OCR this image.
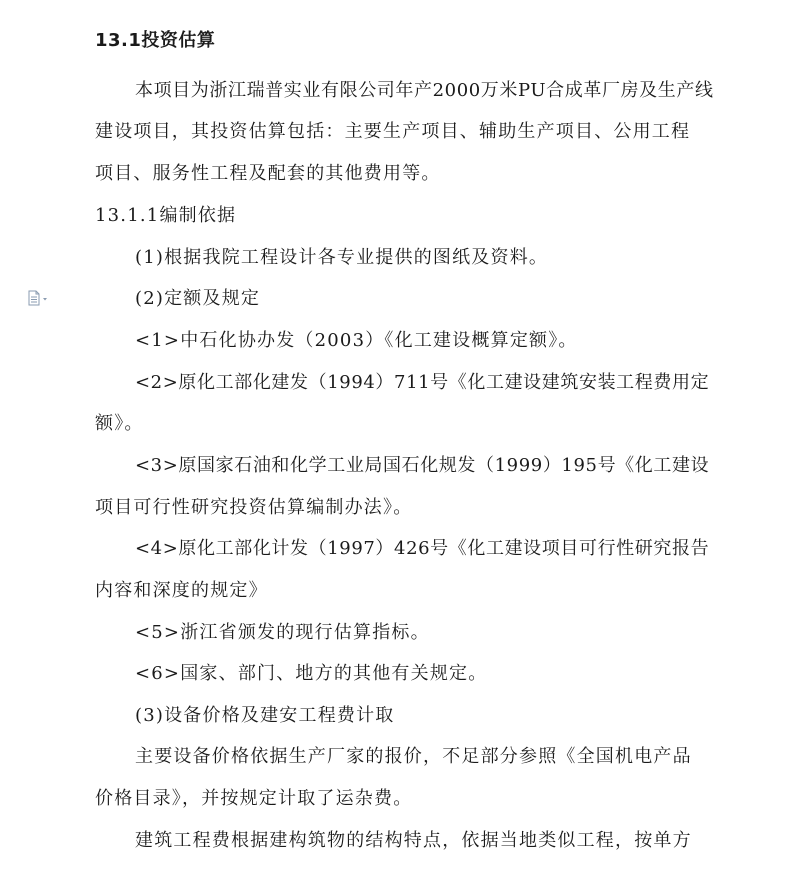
13.1投资估算
本项目为浙江瑞普实业有限公司年产2000万米PU合成革厂房及生产线
建设项目，其投资估算包括：主要生产项目、辅助生产项目、公用工程
项目、服务性工程及配套的其他费用等。
13.1.1编制依据
(1)根据我院工程设计各专业提供的图纸及资料。
(2)定额及规定
<1>中石化协办发（2003）《化工建设概算定额》。
<2>原化工部化建发（1994）711号《化工建设建筑安装工程费用定
额》。
<3>原国家石油和化学工业局国石化规发（1999）195号《化工建设
项目可行性研究投资估算编制办法》。
<4>原化工部化计发（1997）426号《化工建设项目可行性研究报告
内容和深度的规定》
<5>浙江省颁发的现行估算指标。
<6>国家、部门、地方的其他有关规定。
(3)设备价格及建安工程费计取
主要设备价格依据生产厂家的报价，不足部分参照《全国机电产品
价格目录》，并按规定计取了运杂费。
建筑工程费根据建构筑物的结构特点，依据当地类似工程，按单方
